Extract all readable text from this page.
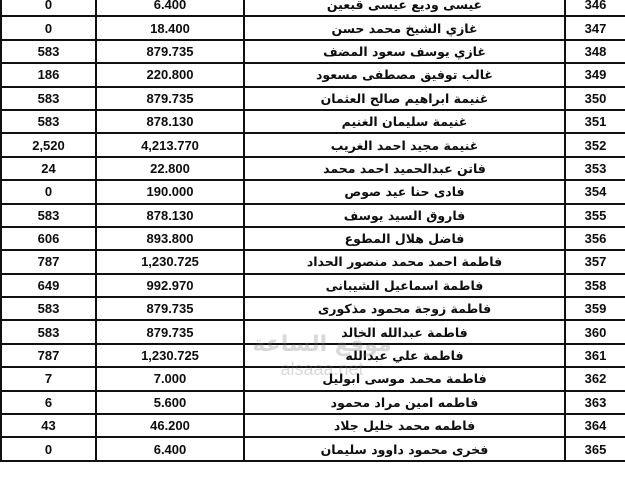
0	6.400	عيسى وديع عيسى قبعين	346
0	18.400	غازي الشيخ محمد حسن	347
583	879.735	غازي يوسف سعود المضف	348
186	220.800	غالب توفيق مصطفى مسعود	349
583	879.735	غنيمة ابراهيم صالح العثمان	350
583	878.130	غنيمة سليمان الغنيم	351
2,520	4,213.770	غنيمة مجيد احمد الغريب	352
24	22.800	فاتن عبدالحميد احمد محمد	353
0	190.000	فادى حنا عيد صوص	354
583	878.130	فاروق السيد يوسف	355
606	893.800	فاضل هلال المطوع	356
787	1,230.725	فاطمة احمد محمد منصور الحداد	357
649	992.970	فاطمة اسماعيل الشيبانى	358
583	879.735	فاطمة زوجة محمود مذكورى	359
583	879.735	فاطمة عبدالله الخالد	360
787	1,230.725	فاطمة علي عبدالله	361
7	7.000	فاطمة محمد موسى ابوليل	362
6	5.600	فاطمه امين مراد محمود	363
43	46.200	فاطمه محمد خليل جلاد	364
0	6.400	فخرى محمود داوود سليمان	365
موقع الساعة
alsaaa.net
